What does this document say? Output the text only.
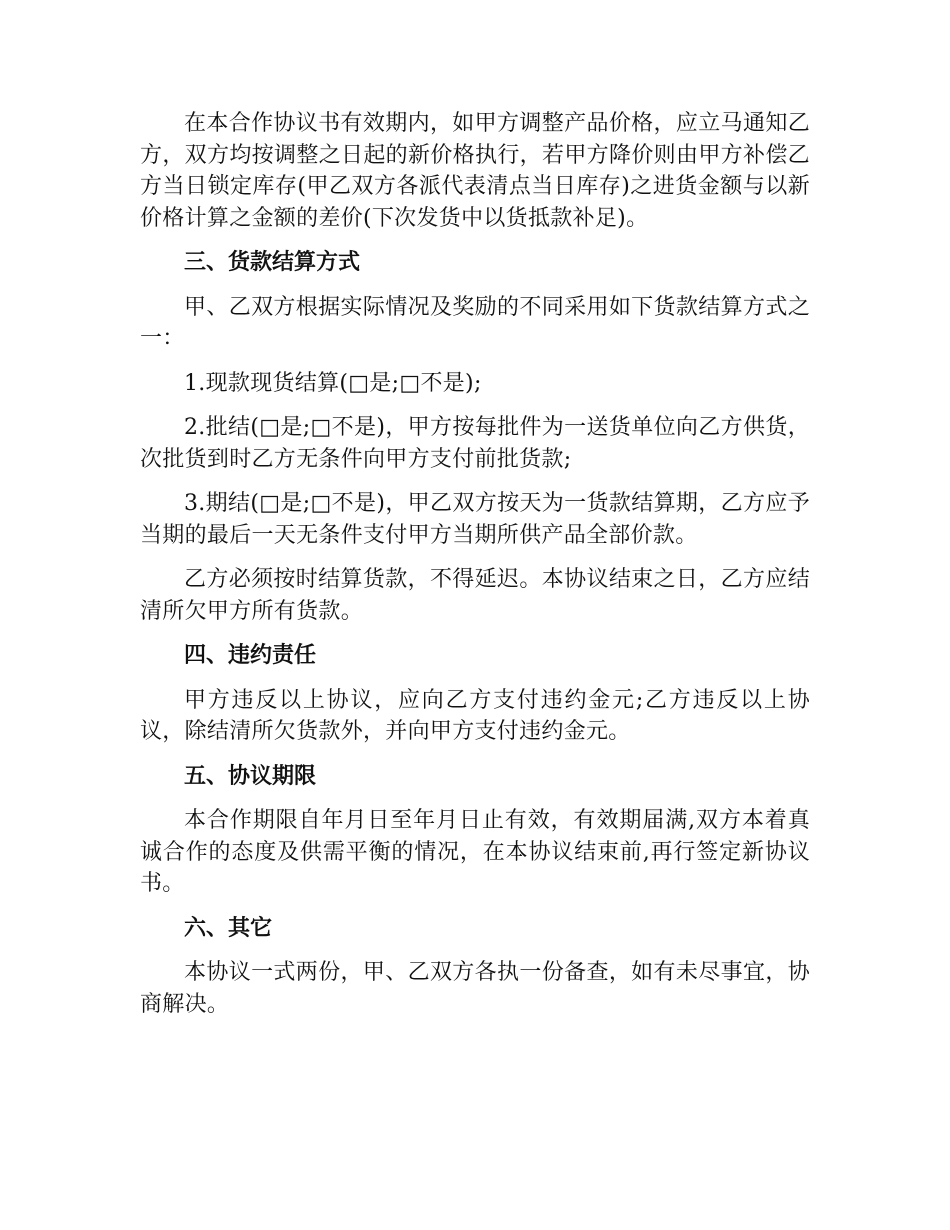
在本合作协议书有效期内，如甲方调整产品价格，应立马通知乙方，双方均按调整之日起的新价格执行，若甲方降价则由甲方补偿乙方当日锁定库存(甲乙双方各派代表清点当日库存)之进货金额与以新价格计算之金额的差价(下次发货中以货抵款补足)。

三、货款结算方式

甲、乙双方根据实际情况及奖励的不同采用如下货款结算方式之一：

1.现款现货结算(□是;□不是);

2.批结(□是;□不是)，甲方按每批件为一送货单位向乙方供货，次批货到时乙方无条件向甲方支付前批货款;

3.期结(□是;□不是)，甲乙双方按天为一货款结算期，乙方应予当期的最后一天无条件支付甲方当期所供产品全部价款。

乙方必须按时结算货款，不得延迟。本协议结束之日，乙方应结清所欠甲方所有货款。

四、违约责任

甲方违反以上协议，应向乙方支付违约金元;乙方违反以上协议，除结清所欠货款外，并向甲方支付违约金元。

五、协议期限

本合作期限自年月日至年月日止有效，有效期届满,双方本着真诚合作的态度及供需平衡的情况，在本协议结束前,再行签定新协议书。

六、其它

本协议一式两份，甲、乙双方各执一份备查，如有未尽事宜，协商解决。
